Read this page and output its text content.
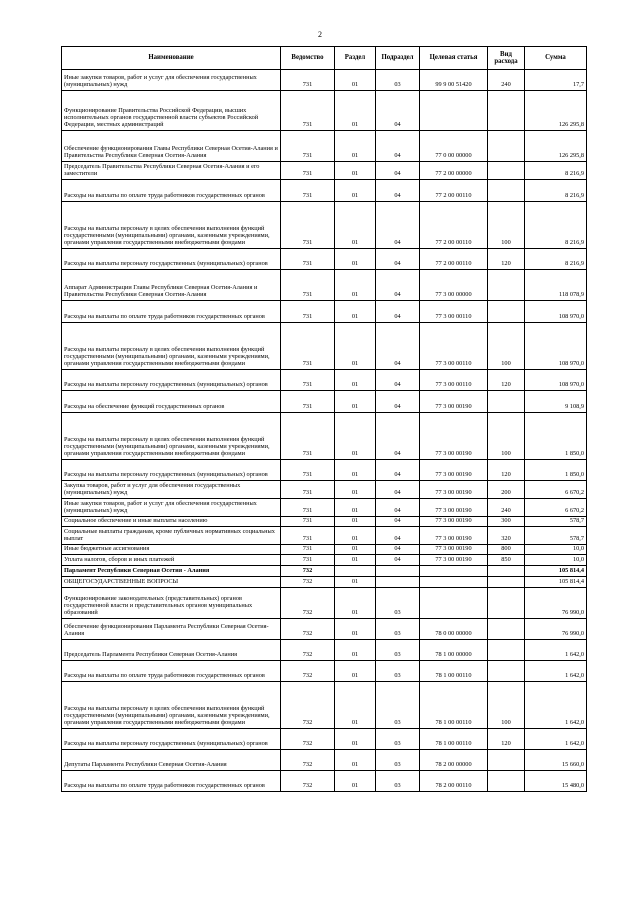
2
Наименование	Ведомство	Раздел	Подраздел	Целевая статья	Вид расхода	Сумма
Иные закупки товаров, работ и услуг для обеспечения государственных (муниципальных) нужд	731	01	03	99 9 00 51420	240	17,7
Функционирование Правительства Российской Федерации, высших исполнительных органов государственной власти субъектов Российской Федерации, местных администраций	731	01	04			126 295,8
Обеспечение функционирования Главы Республики Северная Осетия-Алания и Правительства Республики Северная Осетия-Алания	731	01	04	77 0 00 00000		126 295,8
Председатель Правительства Республики Северная Осетия-Алания и его заместители	731	01	04	77 2 00 00000		8 216,9
Расходы на выплаты по оплате труда работников государственных органов	731	01	04	77 2 00 00110		8 216,9
Расходы на выплаты персоналу в целях обеспечения выполнения функций государственными (муниципальными) органами, казенными учреждениями, органами управления государственными внебюджетными фондами	731	01	04	77 2 00 00110	100	8 216,9
Расходы на выплаты персоналу государственных (муниципальных) органов	731	01	04	77 2 00 00110	120	8 216,9
Аппарат Администрации Главы Республики Северная Осетия-Алания и Правительства Республики Северная Осетия-Алания	731	01	04	77 3 00 00000		118 078,9
Расходы на выплаты по оплате труда работников государственных органов	731	01	04	77 3 00 00110		108 970,0
Расходы на выплаты персоналу в целях обеспечения выполнения функций государственными (муниципальными) органами, казенными учреждениями, органами управления государственными внебюджетными фондами	731	01	04	77 3 00 00110	100	108 970,0
Расходы на выплаты персоналу государственных (муниципальных) органов	731	01	04	77 3 00 00110	120	108 970,0
Расходы на обеспечение функций государственных органов	731	01	04	77 3 00 00190		9 108,9
Расходы на выплаты персоналу в целях обеспечения выполнения функций государственными (муниципальными) органами, казенными учреждениями, органами управления государственными внебюджетными фондами	731	01	04	77 3 00 00190	100	1 850,0
Расходы на выплаты персоналу государственных (муниципальных) органов	731	01	04	77 3 00 00190	120	1 850,0
Закупка товаров, работ и услуг для обеспечения государственных (муниципальных) нужд	731	01	04	77 3 00 00190	200	6 670,2
Иные закупки товаров, работ и услуг для обеспечения государственных (муниципальных) нужд	731	01	04	77 3 00 00190	240	6 670,2
Социальное обеспечение и иные выплаты населению	731	01	04	77 3 00 00190	300	578,7
Социальные выплаты гражданам, кроме публичных нормативных социальных выплат	731	01	04	77 3 00 00190	320	578,7
Иные бюджетные ассигнования	731	01	04	77 3 00 00190	800	10,0
Уплата налогов, сборов и иных платежей	731	01	04	77 3 00 00190	850	10,0
Парламент Республики Северная Осетия - Алания	732					105 814,4
ОБЩЕГОСУДАРСТВЕННЫЕ ВОПРОСЫ	732	01				105 814,4
Функционирование законодательных (представительных) органов государственной власти и представительных органов муниципальных образований	732	01	03			76 990,0
Обеспечение функционирования Парламента Республики Северная Осетия-Алания	732	01	03	78 0 00 00000		76 990,0
Председатель Парламента Республики Северная Осетия-Алания	732	01	03	78 1 00 00000		1 642,0
Расходы на выплаты по оплате труда работников государственных органов	732	01	03	78 1 00 00110		1 642,0
Расходы на выплаты персоналу в целях обеспечения выполнения функций государственными (муниципальными) органами, казенными учреждениями, органами управления государственными внебюджетными фондами	732	01	03	78 1 00 00110	100	1 642,0
Расходы на выплаты персоналу государственных (муниципальных) органов	732	01	03	78 1 00 00110	120	1 642,0
Депутаты Парламента Республики Северная Осетия-Алания	732	01	03	78 2 00 00000		15 660,0
Расходы на выплаты по оплате труда работников государственных органов	732	01	03	78 2 00 00110		15 480,0
